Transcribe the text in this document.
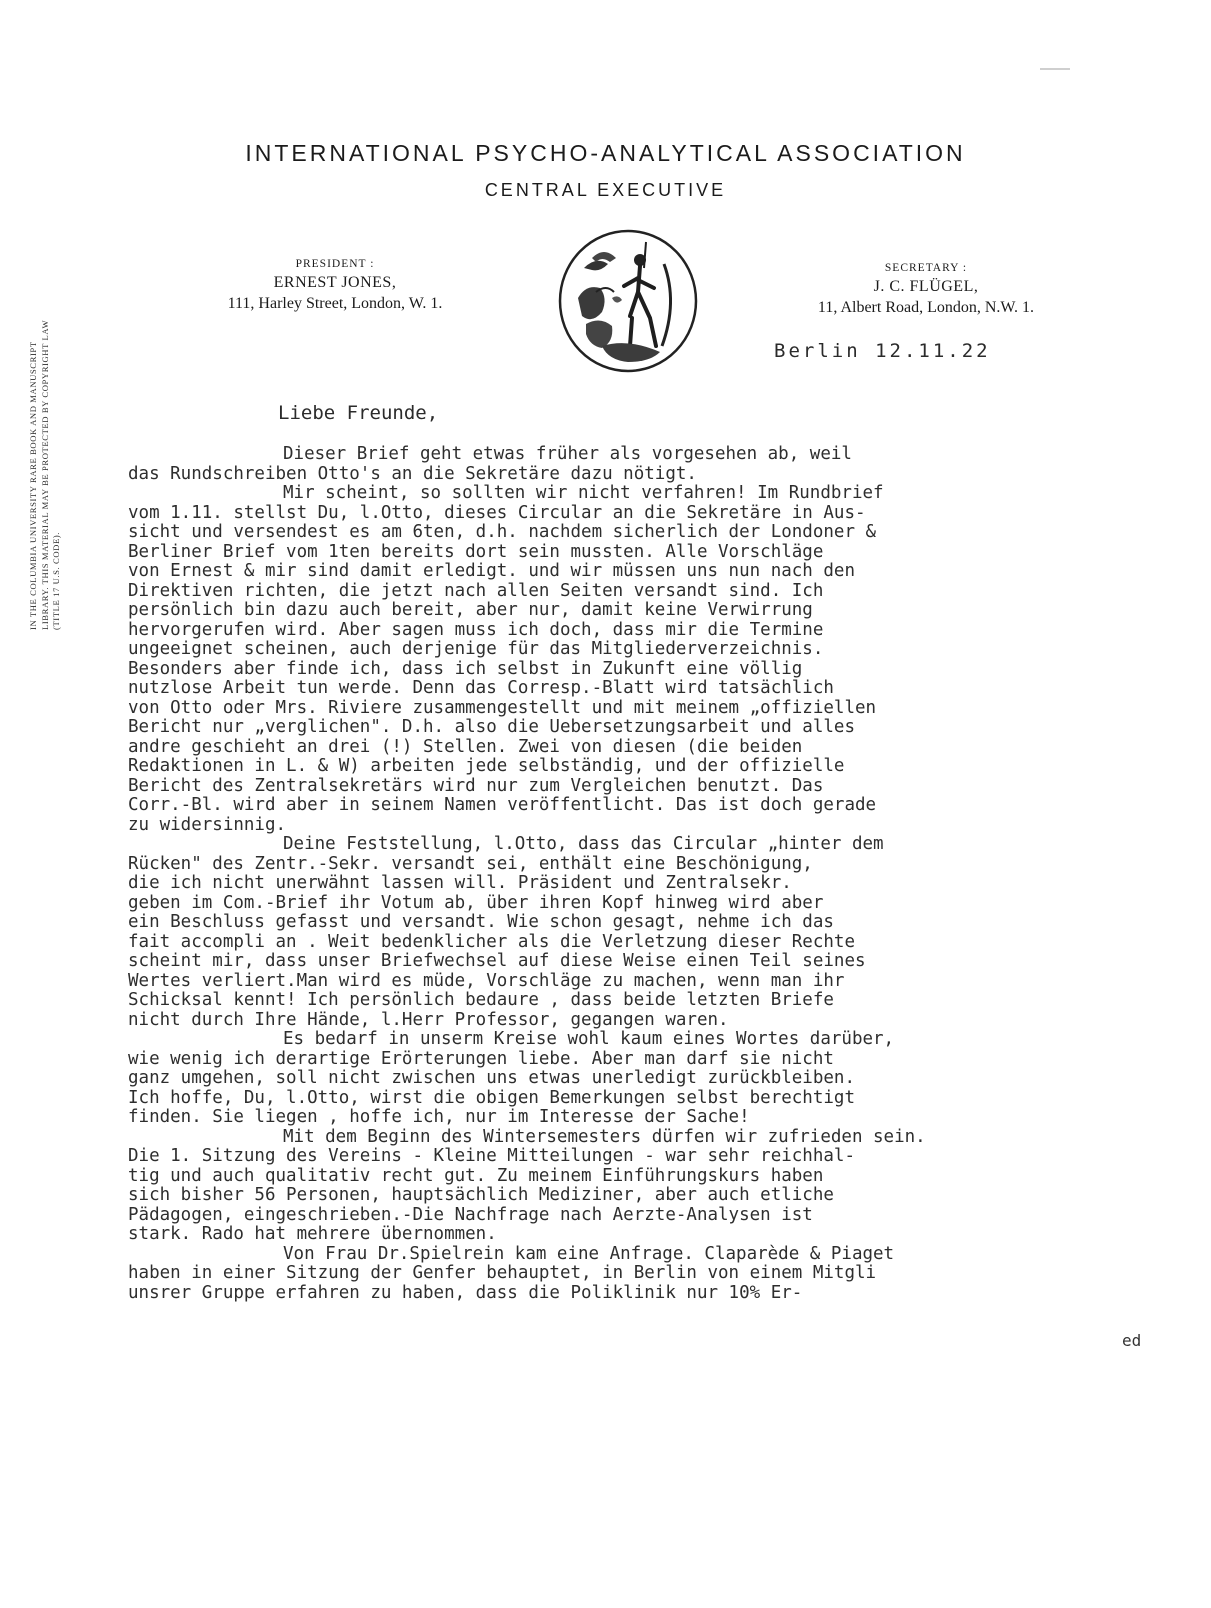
INTERNATIONAL PSYCHO-ANALYTICAL ASSOCIATION
CENTRAL EXECUTIVE
PRESIDENT :
ERNEST JONES,
111, Harley Street, London, W. 1.
SECRETARY :
J. C. FLÜGEL,
11, Albert Road, London, N.W. 1.
IN THE COLUMBIA UNIVERSITY RARE BOOK AND MANUSCRIPT LIBRARY. THIS MATERIAL MAY BE PROTECTED BY COPYRIGHT LAW (TITLE 17 U.S. CODE).
Berlin 12.11.22
Liebe Freunde,
Dieser Brief geht etwas früher als vorgesehen ab, weil
das Rundschreiben Otto's an die Sekretäre dazu nötigt.
Mir scheint, so sollten wir nicht verfahren! Im Rundbrief
vom 1.11. stellst Du, l.Otto, dieses Circular an die Sekretäre in Aus-
sicht und versendest es am 6ten, d.h. nachdem sicherlich der Londoner &
Berliner Brief vom 1ten bereits dort sein mussten. Alle Vorschläge
von Ernest & mir sind damit erledigt. und wir müssen uns nun nach den
Direktiven richten, die jetzt nach allen Seiten versandt sind. Ich
persönlich bin dazu auch bereit, aber nur, damit keine Verwirrung
hervorgerufen wird. Aber sagen muss ich doch, dass mir die Termine
ungeeignet scheinen, auch derjenige für das Mitgliederverzeichnis.
Besonders aber finde ich, dass ich selbst in Zukunft eine völlig
nutzlose Arbeit tun werde. Denn das Corresp.-Blatt wird tatsächlich
von Otto oder Mrs. Riviere zusammengestellt und mit meinem „offiziellen
Bericht nur „verglichen". D.h. also die Uebersetzungsarbeit und alles
andre geschieht an drei (!) Stellen. Zwei von diesen (die beiden
Redaktionen in L. & W) arbeiten jede selbständig, und der offizielle
Bericht des Zentralsekretärs wird nur zum Vergleichen benutzt. Das
Corr.-Bl. wird aber in seinem Namen veröffentlicht. Das ist doch gerade
zu widersinnig.
Deine Feststellung, l.Otto, dass das Circular „hinter dem
Rücken" des Zentr.-Sekr. versandt sei, enthält eine Beschönigung,
die ich nicht unerwähnt lassen will. Präsident und Zentralsekr.
geben im Com.-Brief ihr Votum ab, über ihren Kopf hinweg wird aber
ein Beschluss gefasst und versandt. Wie schon gesagt, nehme ich das
fait accompli an . Weit bedenklicher als die Verletzung dieser Rechte
scheint mir, dass unser Briefwechsel auf diese Weise einen Teil seines
Wertes verliert.Man wird es müde, Vorschläge zu machen, wenn man ihr
Schicksal kennt! Ich persönlich bedaure , dass beide letzten Briefe
nicht durch Ihre Hände, l.Herr Professor, gegangen waren.
Es bedarf in unserm Kreise wohl kaum eines Wortes darüber,
wie wenig ich derartige Erörterungen liebe. Aber man darf sie nicht
ganz umgehen, soll nicht zwischen uns etwas unerledigt zurückbleiben.
Ich hoffe, Du, l.Otto, wirst die obigen Bemerkungen selbst berechtigt
finden. Sie liegen , hoffe ich, nur im Interesse der Sache!
Mit dem Beginn des Wintersemesters dürfen wir zufrieden sein.
Die 1. Sitzung des Vereins - Kleine Mitteilungen - war sehr reichhal-
tig und auch qualitativ recht gut. Zu meinem Einführungskurs haben
sich bisher 56 Personen, hauptsächlich Mediziner, aber auch etliche
Pädagogen, eingeschrieben.-Die Nachfrage nach Aerzte-Analysen ist
stark. Rado hat mehrere übernommen.
Von Frau Dr.Spielrein kam eine Anfrage. Claparède & Piaget
haben in einer Sitzung der Genfer behauptet, in Berlin von einem Mitgli
unsrer Gruppe erfahren zu haben, dass die Poliklinik nur 10% Er-
ed
